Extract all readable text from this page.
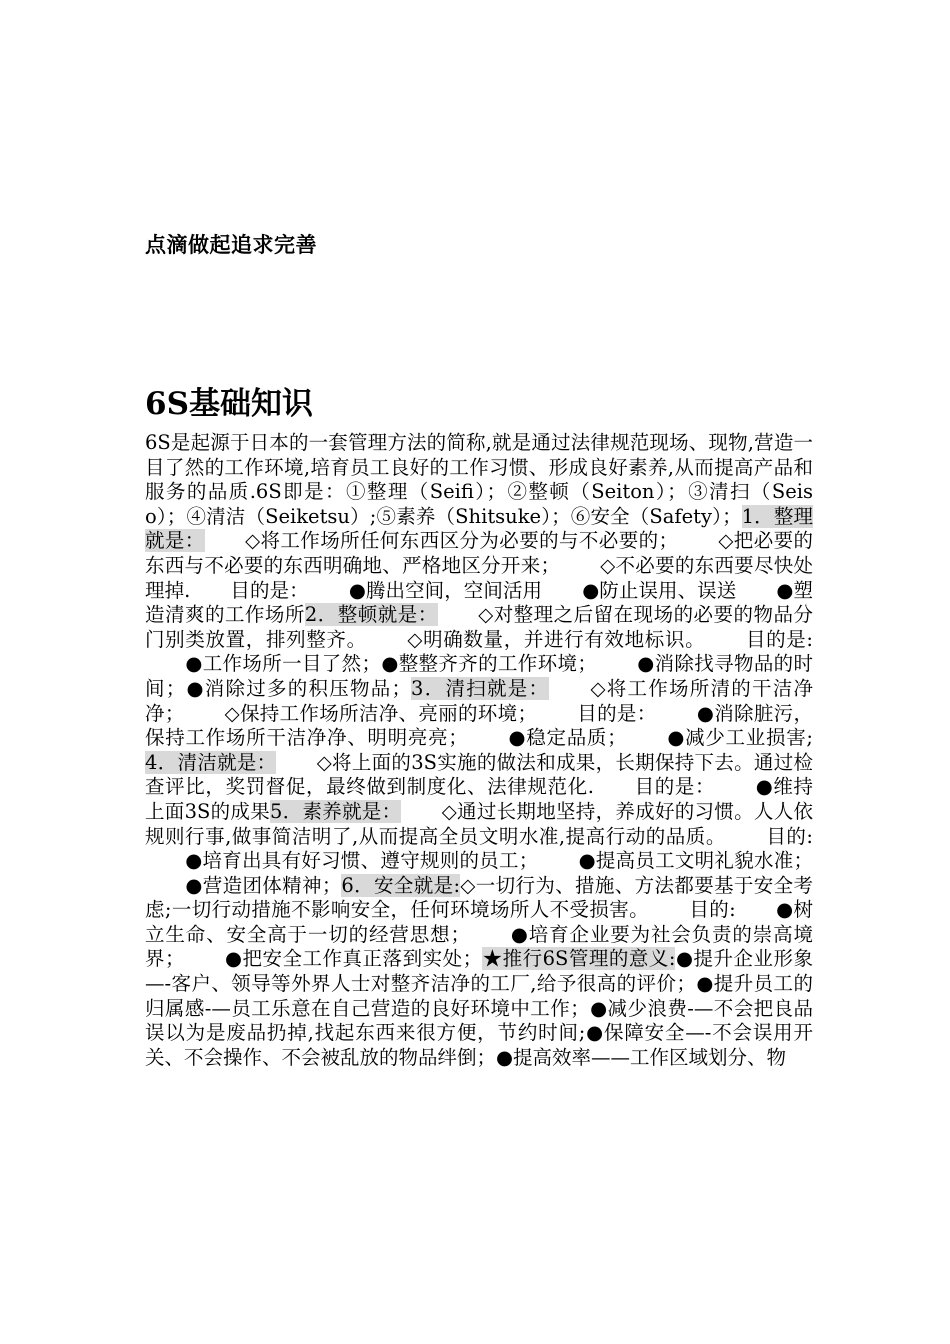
点滴做起追求完善
6S基础知识

6S是起源于日本的一套管理方法的简称,就是通过法律规范现场、现物,营造一目了然的工作环境,培育员工良好的工作习惯、形成良好素养,从而提高产品和服务的品质.6S即是：①整理（Seifi）；②整顿（Seiton）；③清扫（Seiso）；④清洁（Seiketsu）;⑤素养（Shitsuke）；⑥安全（Safety）；1．整理就是： ◇将工作场所任何东西区分为必要的与不必要的； ◇把必要的东西与不必要的东西明确地、严格地区分开来； ◇不必要的东西要尽快处理掉. 目的是： ●腾出空间，空间活用 ●防止误用、误送 ●塑造清爽的工作场所2．整顿就是： ◇对整理之后留在现场的必要的物品分门别类放置，排列整齐。 ◇明确数量，并进行有效地标识。 目的是:●工作场所一目了然；●整整齐齐的工作环境； ●消除找寻物品的时间；●消除过多的积压物品；3．清扫就是： ◇将工作场所清的干洁净净； ◇保持工作场所洁净、亮丽的环境； 目的是： ●消除脏污，保持工作场所干洁净净、明明亮亮； ●稳定品质； ●减少工业损害;4．清洁就是： ◇将上面的3S实施的做法和成果，长期保持下去。通过检查评比，奖罚督促，最终做到制度化、法律规范化. 目的是： ●维持上面3S的成果5．素养就是： ◇通过长期地坚持，养成好的习惯。人人依规则行事,做事简洁明了,从而提高全员文明水准,提高行动的品质。 目的:●培育出具有好习惯、遵守规则的员工； ●提高员工文明礼貌水准；●营造团体精神；6．安全就是:◇一切行为、措施、方法都要基于安全考虑;一切行动措施不影响安全，任何环境场所人不受损害。 目的: ●树立生命、安全高于一切的经营思想； ●培育企业要为社会负责的崇高境界； ●把安全工作真正落到实处；★推行6S管理的意义:●提升企业形象—-客户、领导等外界人士对整齐洁净的工厂,给予很高的评价；●提升员工的归属感-—员工乐意在自己营造的良好环境中工作；●减少浪费-—不会把良品误以为是废品扔掉,找起东西来很方便，节约时间;●保障安全—-不会误用开关、不会操作、不会被乱放的物品绊倒；●提高效率——工作区域划分、物
